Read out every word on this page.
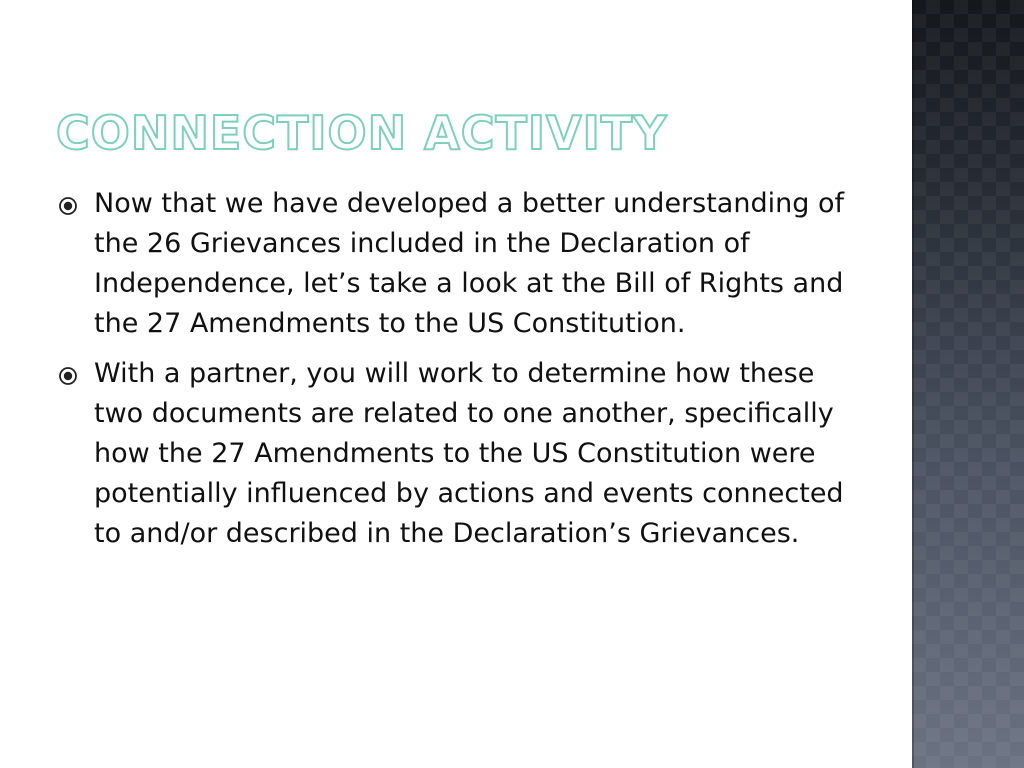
CONNECTION ACTIVITY
Now that we have developed a better understanding of the 26 Grievances included in the Declaration of Independence, let’s take a look at the Bill of Rights and the 27 Amendments to the US Constitution.
With a partner, you will work to determine how these two documents are related to one another, specifically how the 27 Amendments to the US Constitution were potentially influenced by actions and events connected to and/or described in the Declaration’s Grievances.
